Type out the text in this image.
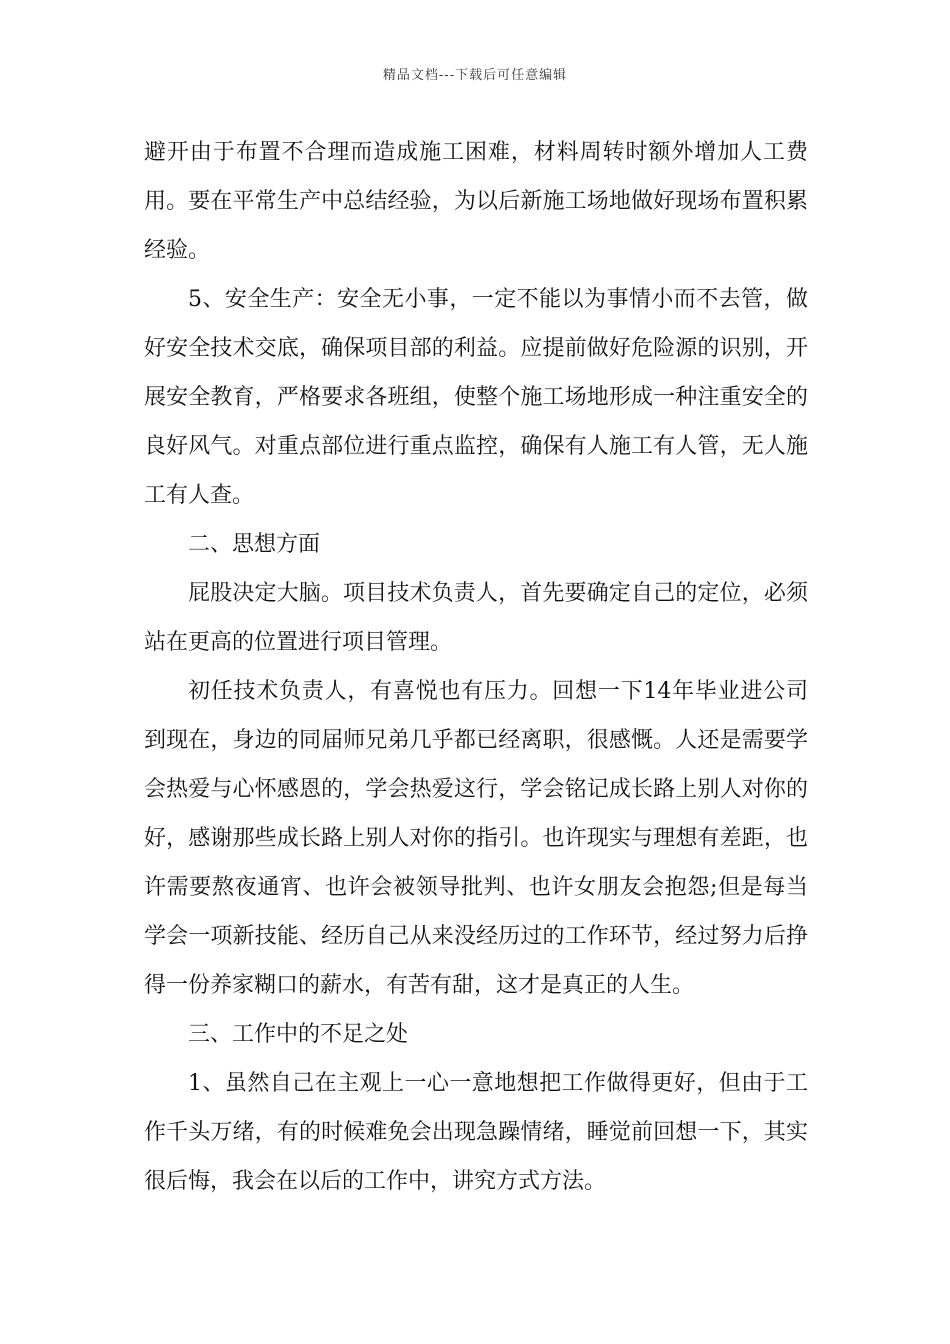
精品文档---下载后可任意编辑

避开由于布置不合理而造成施工困难，材料周转时额外增加人工费用。要在平常生产中总结经验，为以后新施工场地做好现场布置积累经验。

5、安全生产：安全无小事，一定不能以为事情小而不去管，做好安全技术交底，确保项目部的利益。应提前做好危险源的识别，开展安全教育，严格要求各班组，使整个施工场地形成一种注重安全的良好风气。对重点部位进行重点监控，确保有人施工有人管，无人施工有人查。

二、思想方面

屁股决定大脑。项目技术负责人，首先要确定自己的定位，必须站在更高的位置进行项目管理。

初任技术负责人，有喜悦也有压力。回想一下14年毕业进公司到现在，身边的同届师兄弟几乎都已经离职，很感慨。人还是需要学会热爱与心怀感恩的，学会热爱这行，学会铭记成长路上别人对你的好，感谢那些成长路上别人对你的指引。也许现实与理想有差距，也许需要熬夜通宵、也许会被领导批判、也许女朋友会抱怨;但是每当学会一项新技能、经历自己从来没经历过的工作环节，经过努力后挣得一份养家糊口的薪水，有苦有甜，这才是真正的人生。

三、工作中的不足之处

1、虽然自己在主观上一心一意地想把工作做得更好，但由于工作千头万绪，有的时候难免会出现急躁情绪，睡觉前回想一下，其实很后悔，我会在以后的工作中，讲究方式方法。
